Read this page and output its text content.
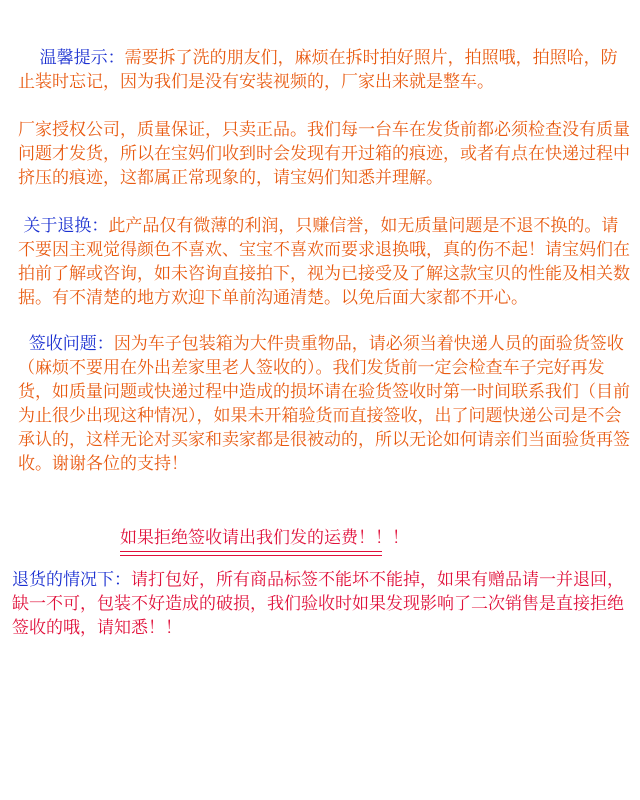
温馨提示：需要拆了洗的朋友们，麻烦在拆时拍好照片，拍照哦，拍照哈，防止装时忘记，因为我们是没有安装视频的，厂家出来就是整车。
厂家授权公司，质量保证，只卖正品。我们每一台车在发货前都必须检查没有质量问题才发货，所以在宝妈们收到时会发现有开过箱的痕迹，或者有点在快递过程中挤压的痕迹，这都属正常现象的，请宝妈们知悉并理解。
关于退换：此产品仅有微薄的利润，只赚信誉，如无质量问题是不退不换的。请不要因主观觉得颜色不喜欢、宝宝不喜欢而要求退换哦，真的伤不起！请宝妈们在拍前了解或咨询，如未咨询直接拍下，视为已接受及了解这款宝贝的性能及相关数据。有不清楚的地方欢迎下单前沟通清楚。以免后面大家都不开心。
签收问题：因为车子包装箱为大件贵重物品，请必须当着快递人员的面验货签收（麻烦不要用在外出差家里老人签收的）。我们发货前一定会检查车子完好再发货，如质量问题或快递过程中造成的损坏请在验货签收时第一时间联系我们（目前为止很少出现这种情况），如果未开箱验货而直接签收，出了问题快递公司是不会承认的，这样无论对买家和卖家都是很被动的，所以无论如何请亲们当面验货再签收。谢谢各位的支持！
如果拒绝签收请出我们发的运费！！！
退货的情况下：请打包好，所有商品标签不能坏不能掉，如果有赠品请一并退回，缺一不可，包装不好造成的破损，我们验收时如果发现影响了二次销售是直接拒绝签收的哦，请知悉！！
